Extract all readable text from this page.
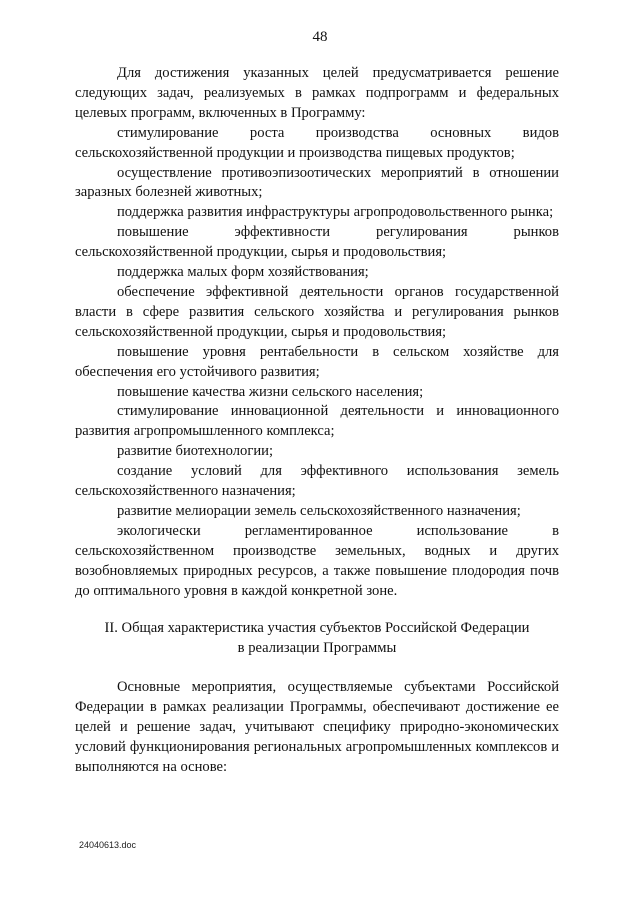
48

Для достижения указанных целей предусматривается решение следующих задач, реализуемых в рамках подпрограмм и федеральных целевых программ, включенных в Программу:

стимулирование роста производства основных видов сельскохозяйственной продукции и производства пищевых продуктов;

осуществление противоэпизоотических мероприятий в отношении заразных болезней животных;

поддержка развития инфраструктуры агропродовольственного рынка;

повышение эффективности регулирования рынков сельскохозяйственной продукции, сырья и продовольствия;

поддержка малых форм хозяйствования;

обеспечение эффективной деятельности органов государственной власти в сфере развития сельского хозяйства и регулирования рынков сельскохозяйственной продукции, сырья и продовольствия;

повышение уровня рентабельности в сельском хозяйстве для обеспечения его устойчивого развития;

повышение качества жизни сельского населения;

стимулирование инновационной деятельности и инновационного развития агропромышленного комплекса;

развитие биотехнологии;

создание условий для эффективного использования земель сельскохозяйственного назначения;

развитие мелиорации земель сельскохозяйственного назначения;

экологически регламентированное использование в сельскохозяйственном производстве земельных, водных и других возобновляемых природных ресурсов, а также повышение плодородия почв до оптимального уровня в каждой конкретной зоне.

II. Общая характеристика участия субъектов Российской Федерации
в реализации Программы

Основные мероприятия, осуществляемые субъектами Российской Федерации в рамках реализации Программы, обеспечивают достижение ее целей и решение задач, учитывают специфику природно-экономических условий функционирования региональных агропромышленных комплексов и выполняются на основе:

24040613.doc
